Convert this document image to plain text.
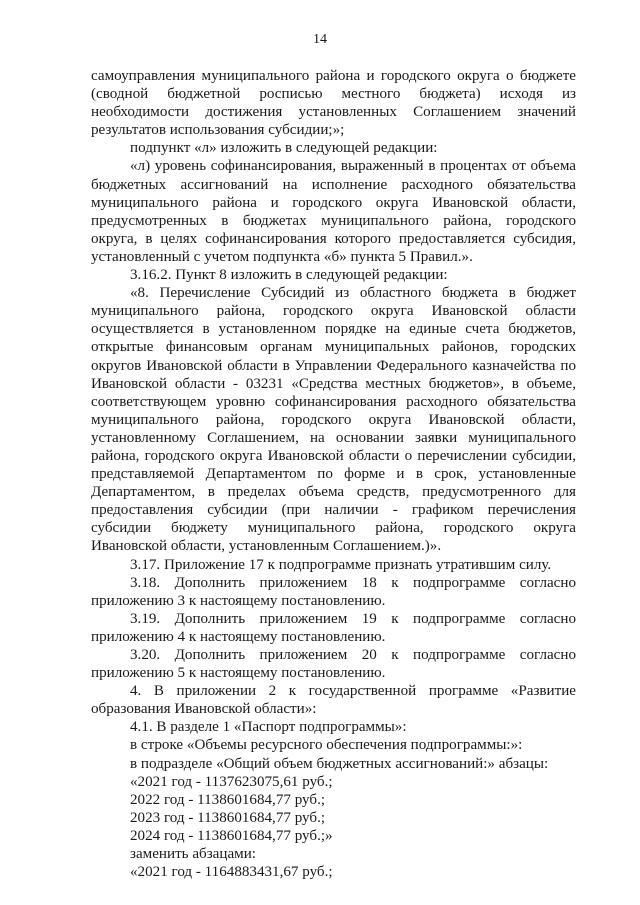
14
самоуправления муниципального района и городского округа о бюджете
(сводной бюджетной росписью местного бюджета) исходя из
необходимости достижения установленных Соглашением значений
результатов использования субсидии;»;
подпункт «л» изложить в следующей редакции:
«л) уровень софинансирования, выраженный в процентах от объема
бюджетных ассигнований на исполнение расходного обязательства
муниципального района и городского округа Ивановской области,
предусмотренных в бюджетах муниципального района, городского
округа, в целях софинансирования которого предоставляется субсидия,
установленный с учетом подпункта «б» пункта 5 Правил.».
3.16.2. Пункт 8 изложить в следующей редакции:
«8. Перечисление Субсидий из областного бюджета в бюджет
муниципального района, городского округа Ивановской области
осуществляется в установленном порядке на единые счета бюджетов,
открытые финансовым органам муниципальных районов, городских
округов Ивановской области в Управлении Федерального казначейства по
Ивановской области - 03231 «Средства местных бюджетов», в объеме,
соответствующем уровню софинансирования расходного обязательства
муниципального района, городского округа Ивановской области,
установленному Соглашением, на основании заявки муниципального
района, городского округа Ивановской области о перечислении субсидии,
представляемой Департаментом по форме и в срок, установленные
Департаментом, в пределах объема средств, предусмотренного для
предоставления субсидии (при наличии - графиком перечисления
субсидии бюджету муниципального района, городского округа
Ивановской области, установленным Соглашением.)».
3.17. Приложение 17 к подпрограмме признать утратившим силу.
3.18. Дополнить приложением 18 к подпрограмме согласно
приложению 3 к настоящему постановлению.
3.19. Дополнить приложением 19 к подпрограмме согласно
приложению 4 к настоящему постановлению.
3.20. Дополнить приложением 20 к подпрограмме согласно
приложению 5 к настоящему постановлению.
4. В приложении 2 к государственной программе «Развитие
образования Ивановской области»:
4.1. В разделе 1 «Паспорт подпрограммы»:
в строке «Объемы ресурсного обеспечения подпрограммы:»:
в подразделе «Общий объем бюджетных ассигнований:» абзацы:
«2021 год - 1137623075,61 руб.;
2022 год - 1138601684,77 руб.;
2023 год - 1138601684,77 руб.;
2024 год - 1138601684,77 руб.;»
заменить абзацами:
«2021 год - 1164883431,67 руб.;
